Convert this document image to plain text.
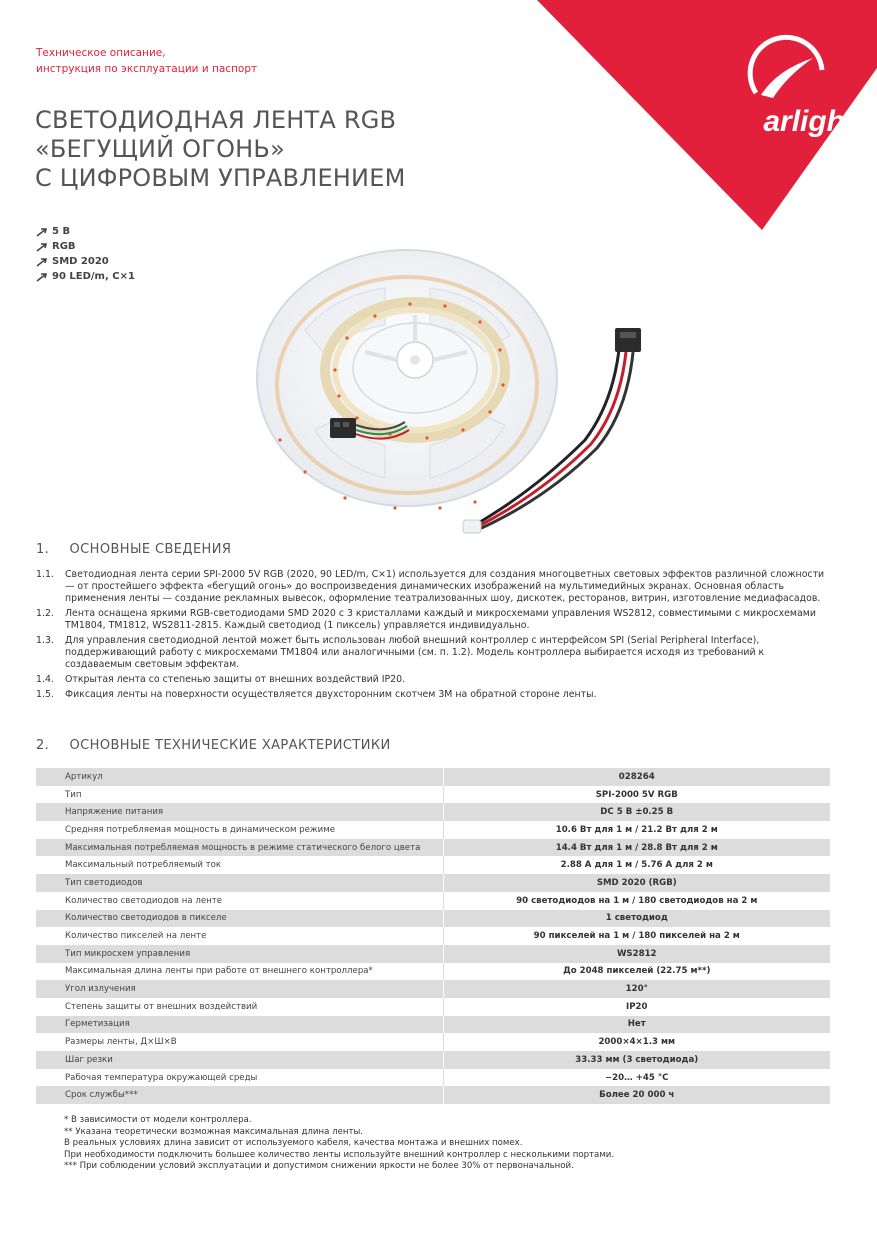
arlight
Техническое описание,
инструкция по эксплуатации и паспорт
СВЕТОДИОДНАЯ ЛЕНТА RGB
«БЕГУЩИЙ ОГОНЬ»
С ЦИФРОВЫМ УПРАВЛЕНИЕМ
5 В
RGB
SMD 2020
90 LED/m, C×1
1. ОСНОВНЫЕ СВЕДЕНИЯ
1.1.	Светодиодная лента серии SPI-2000 5V RGB (2020, 90 LED/m, C×1) используется для создания многоцветных световых эффектов различной сложности — от простейшего эффекта «бегущий огонь» до воспроизведения динамических изображений на мультимедийных экранах. Основная область применения ленты — создание рекламных вывесок, оформление театрализованных шоу, дискотек, ресторанов, витрин, изготовление медиафасадов.
1.2.	Лента оснащена яркими RGB-светодиодами SMD 2020 с 3 кристаллами каждый и микросхемами управления WS2812, совместимыми с микросхемами TM1804, TM1812, WS2811-2815. Каждый светодиод (1 пиксель) управляется индивидуально.
1.3.	Для управления светодиодной лентой может быть использован любой внешний контроллер с интерфейсом SPI (Serial Peripheral Interface), поддерживающий работу с микросхемами TM1804 или аналогичными (см. п. 1.2). Модель контроллера выбирается исходя из требований к создаваемым световым эффектам.
1.4.	Открытая лента со степенью защиты от внешних воздействий IP20.
1.5.	Фиксация ленты на поверхности осуществляется двухсторонним скотчем 3M на обратной стороне ленты.
2. ОСНОВНЫЕ ТЕХНИЧЕСКИЕ ХАРАКТЕРИСТИКИ
Артикул	028264
Тип	SPI-2000 5V RGB
Напряжение питания	DC 5 В ±0.25 В
Средняя потребляемая мощность в динамическом режиме	10.6 Вт для 1 м / 21.2 Вт для 2 м
Максимальная потребляемая мощность в режиме статического белого цвета	14.4 Вт для 1 м / 28.8 Вт для 2 м
Максимальный потребляемый ток	2.88 А для 1 м / 5.76 А для 2 м
Тип светодиодов	SMD 2020 (RGB)
Количество светодиодов на ленте	90 светодиодов на 1 м / 180 светодиодов на 2 м
Количество светодиодов в пикселе	1 светодиод
Количество пикселей на ленте	90 пикселей на 1 м / 180 пикселей на 2 м
Тип микросхем управления	WS2812
Максимальная длина ленты при работе от внешнего контроллера*	До 2048 пикселей (22.75 м**)
Угол излучения	120°
Степень защиты от внешних воздействий	IP20
Герметизация	Нет
Размеры ленты, Д×Ш×В	2000×4×1.3 мм
Шаг резки	33.33 мм (3 светодиода)
Рабочая температура окружающей среды	−20… +45 °С
Срок службы***	Более 20 000 ч
* В зависимости от модели контроллера.
** Указана теоретически возможная максимальная длина ленты.
В реальных условиях длина зависит от используемого кабеля, качества монтажа и внешних помех.
При необходимости подключить большее количество ленты используйте внешний контроллер с несколькими портами.
*** При соблюдении условий эксплуатации и допустимом снижении яркости не более 30% от первоначальной.
